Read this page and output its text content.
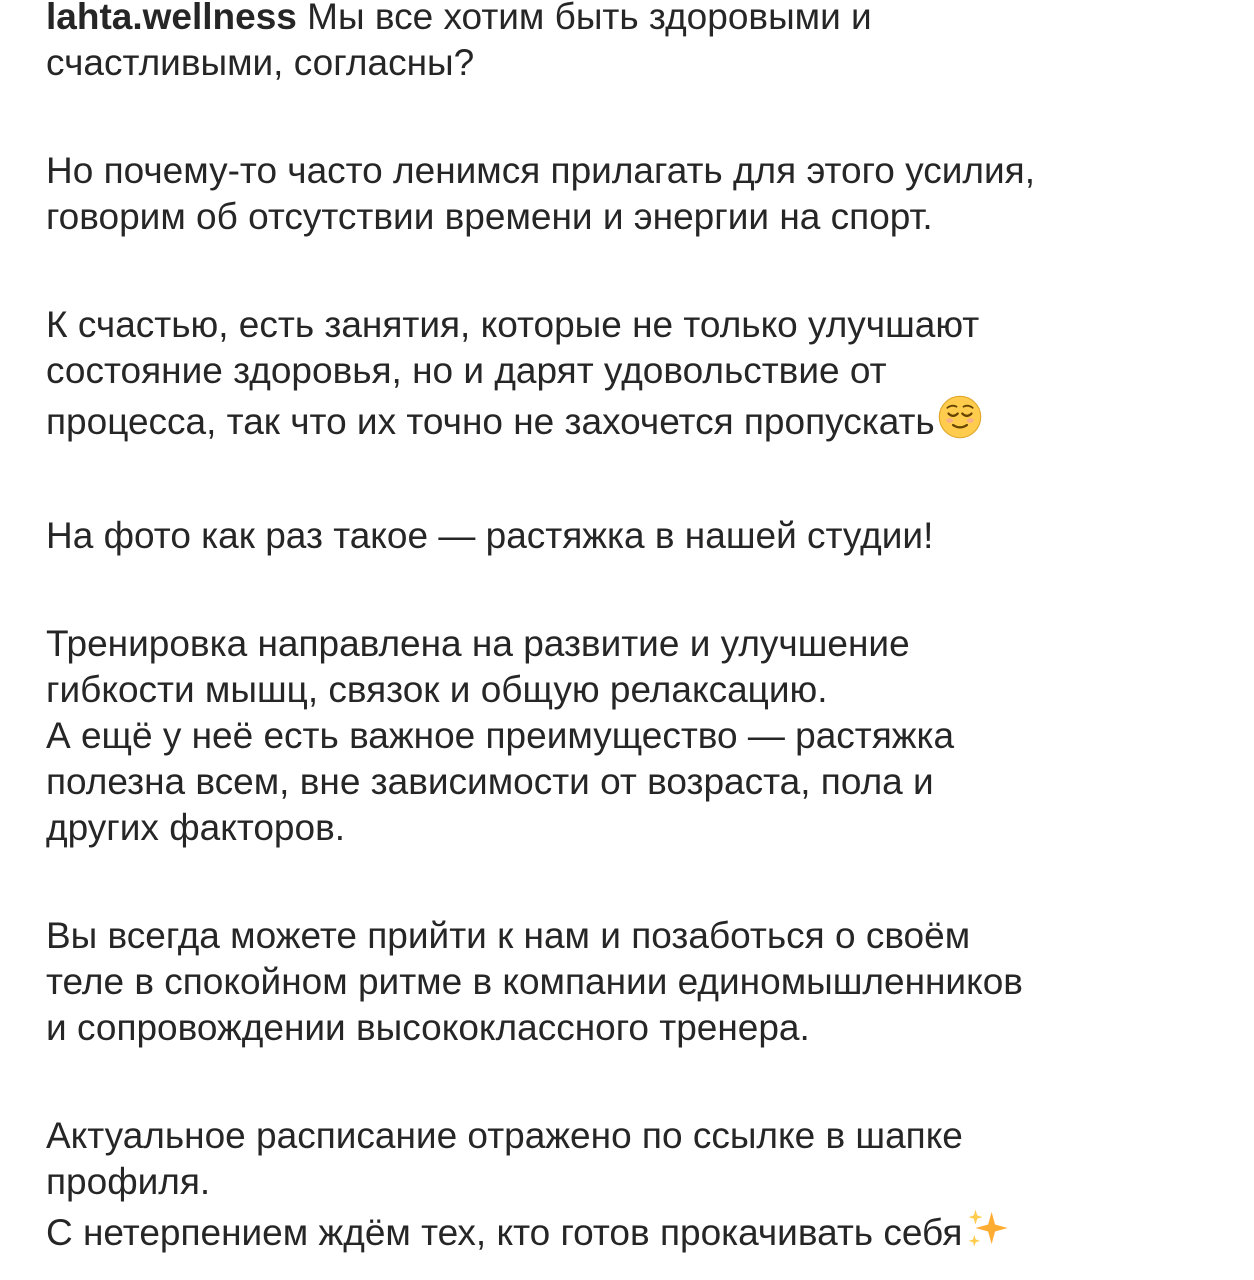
lahta.wellness Мы все хотим быть здоровыми и
счастливыми, согласны?
Но почему-то часто ленимся прилагать для этого усилия,
говорим об отсутствии времени и энергии на спорт.
К счастью, есть занятия, которые не только улучшают
состояние здоровья, но и дарят удовольствие от
процесса, так что их точно не захочется пропускать
На фото как раз такое — растяжка в нашей студии!
Тренировка направлена на развитие и улучшение
гибкости мышц, связок и общую релаксацию.
А ещё у неё есть важное преимущество — растяжка
полезна всем, вне зависимости от возраста, пола и
других факторов.
Вы всегда можете прийти к нам и позаботься о своём
теле в спокойном ритме в компании единомышленников
и сопровождении высококлассного тренера.
Актуальное расписание отражено по ссылке в шапке
профиля.
С нетерпением ждём тех, кто готов прокачивать себя
